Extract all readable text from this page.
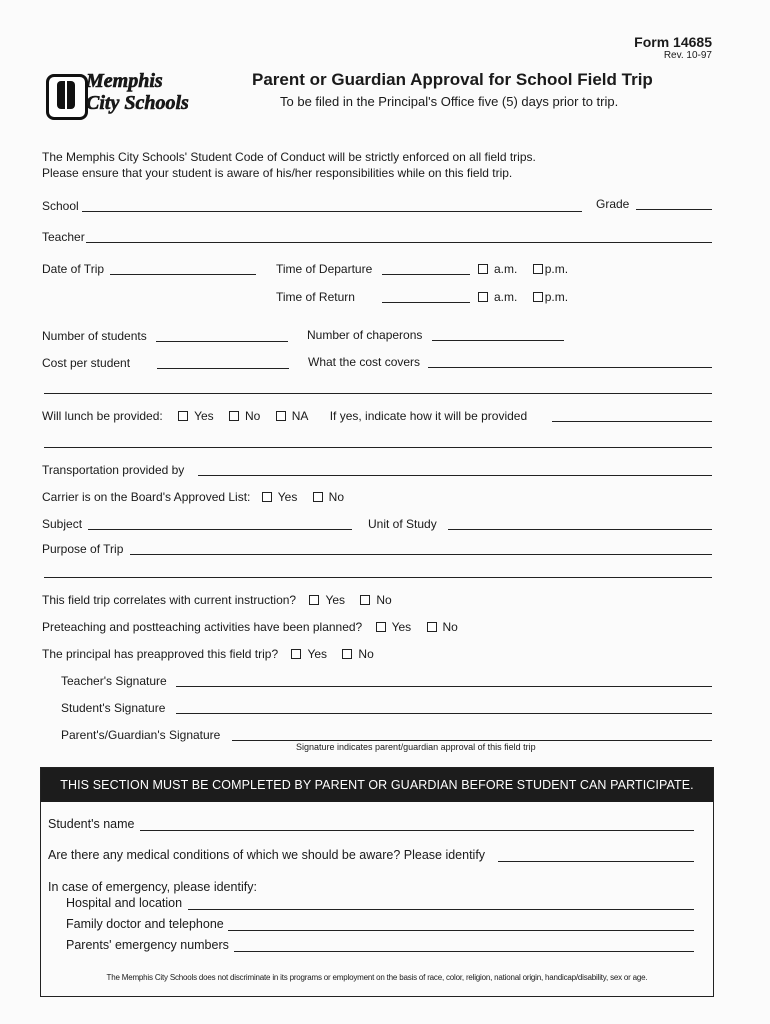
Form 14685
Rev. 10-97
Memphis
City Schools
Parent or Guardian Approval for School Field Trip
To be filed in the Principal's Office five (5) days prior to trip.
The Memphis City Schools' Student Code of Conduct will be strictly enforced on all field trips.
Please ensure that your student is aware of his/her responsibilities while on this field trip.
School	Grade
Teacher
Date of Trip	Time of Departure	a.m. p.m.
Time of Return	a.m. p.m.
Number of students	Number of chaperons
Cost per student	What the cost covers
Will lunch be provided:	Yes	No	NA If yes, indicate how it will be provided
Transportation provided by
Carrier is on the Board's Approved List: Yes	No
Subject	Unit of Study
Purpose of Trip
This field trip correlates with current instruction? Yes	No
Preteaching and postteaching activities have been planned? Yes	No
The principal has preapproved this field trip? Yes	No
Teacher's Signature
Student's Signature
Parent's/Guardian's Signature
Signature indicates parent/guardian approval of this field trip
THIS SECTION MUST BE COMPLETED BY PARENT OR GUARDIAN BEFORE STUDENT CAN PARTICIPATE.
Student's name
Are there any medical conditions of which we should be aware? Please identify
In case of emergency, please identify:
Hospital and location
Family doctor and telephone
Parents' emergency numbers
The Memphis City Schools does not discriminate in its programs or employment on the basis of race, color, religion, national origin, handicap/disability, sex or age.
